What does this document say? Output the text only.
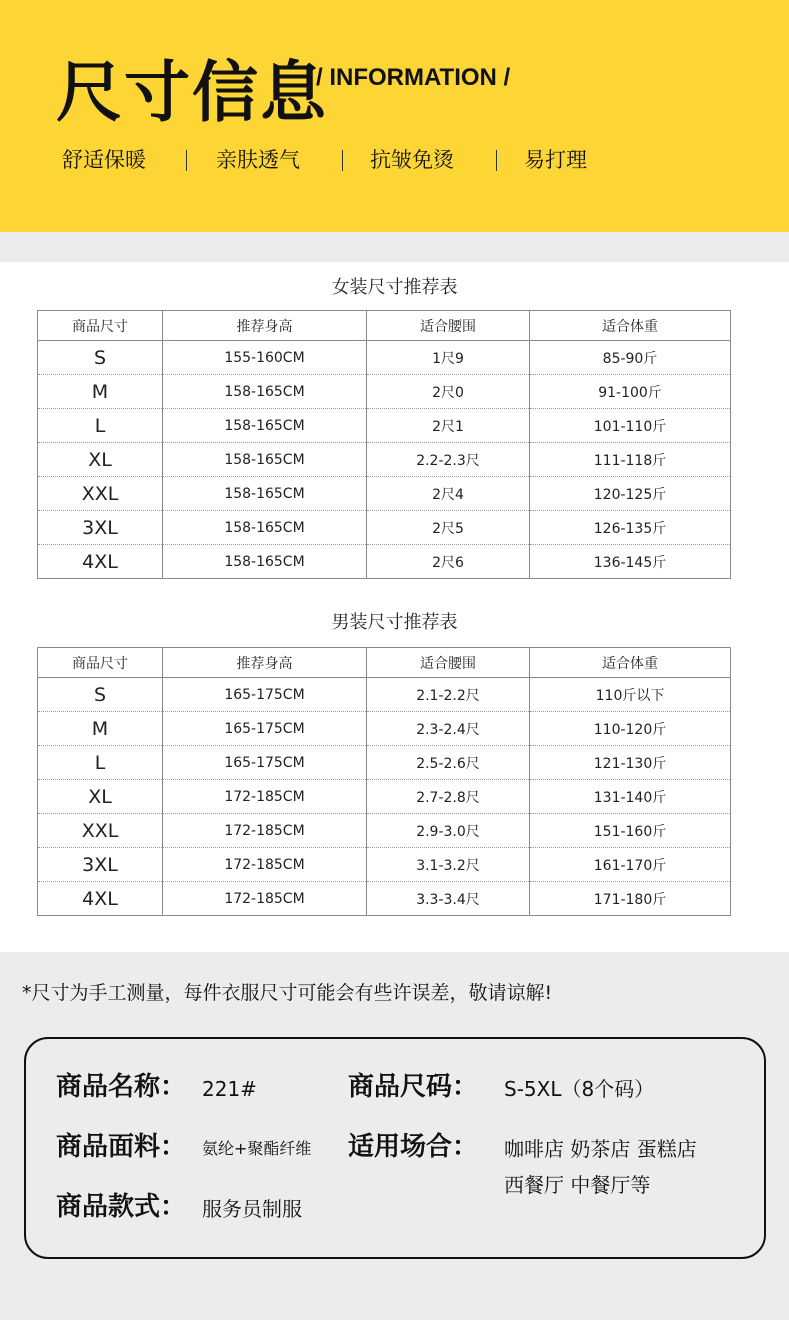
尺寸信息
/ INFORMATION /
舒适保暖	亲肤透气	抗皱免烫	易打理
女装尺寸推荐表
商品尺寸	推荐身高	适合腰围	适合体重
S	155-160CM	1尺9	85-90斤
M	158-165CM	2尺0	91-100斤
L	158-165CM	2尺1	101-110斤
XL	158-165CM	2.2-2.3尺	111-118斤
XXL	158-165CM	2尺4	120-125斤
3XL	158-165CM	2尺5	126-135斤
4XL	158-165CM	2尺6	136-145斤
男装尺寸推荐表
商品尺寸	推荐身高	适合腰围	适合体重
S	165-175CM	2.1-2.2尺	110斤以下
M	165-175CM	2.3-2.4尺	110-120斤
L	165-175CM	2.5-2.6尺	121-130斤
XL	172-185CM	2.7-2.8尺	131-140斤
XXL	172-185CM	2.9-3.0尺	151-160斤
3XL	172-185CM	3.1-3.2尺	161-170斤
4XL	172-185CM	3.3-3.4尺	171-180斤
*尺寸为手工测量，每件衣服尺寸可能会有些许误差，敬请谅解!
商品名称： 221#	商品尺码： S-5XL（8个码）
商品面料： 氨纶+聚酯纤维 适用场合： 咖啡店 奶茶店 蛋糕店
西餐厅 中餐厅等
商品款式： 服务员制服
